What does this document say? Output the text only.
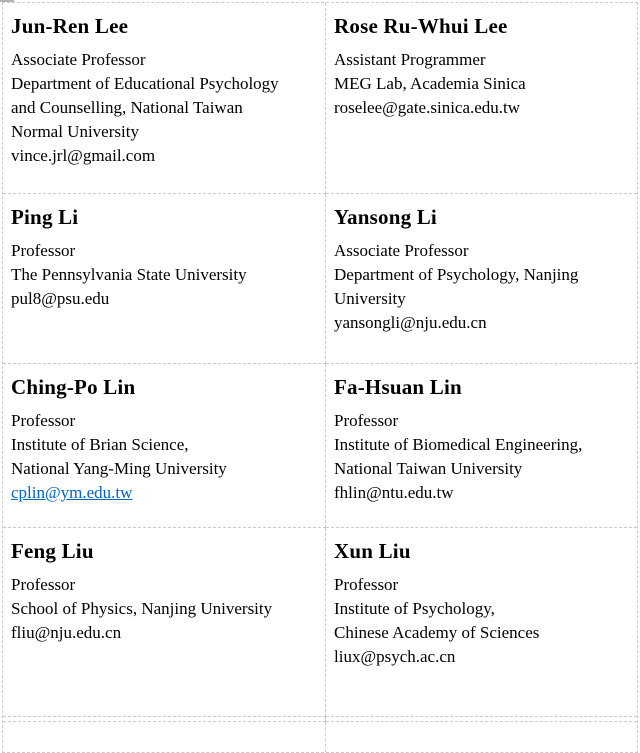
Jun-Ren Lee
Associate Professor
Department of Educational Psychology
and Counselling, National Taiwan
Normal University
vince.jrl@gmail.com
Rose Ru-Whui Lee
Assistant Programmer
MEG Lab, Academia Sinica
roselee@gate.sinica.edu.tw
Ping Li
Professor
The Pennsylvania State University
pul8@psu.edu
Yansong Li
Associate Professor
Department of Psychology, Nanjing
University
yansongli@nju.edu.cn
Ching-Po Lin
Professor
Institute of Brian Science,
National Yang-Ming University
cplin@ym.edu.tw
Fa-Hsuan Lin
Professor
Institute of Biomedical Engineering,
National Taiwan University
fhlin@ntu.edu.tw
Feng Liu
Professor
School of Physics, Nanjing University
fliu@nju.edu.cn
Xun Liu
Professor
Institute of Psychology,
Chinese Academy of Sciences
liux@psych.ac.cn
